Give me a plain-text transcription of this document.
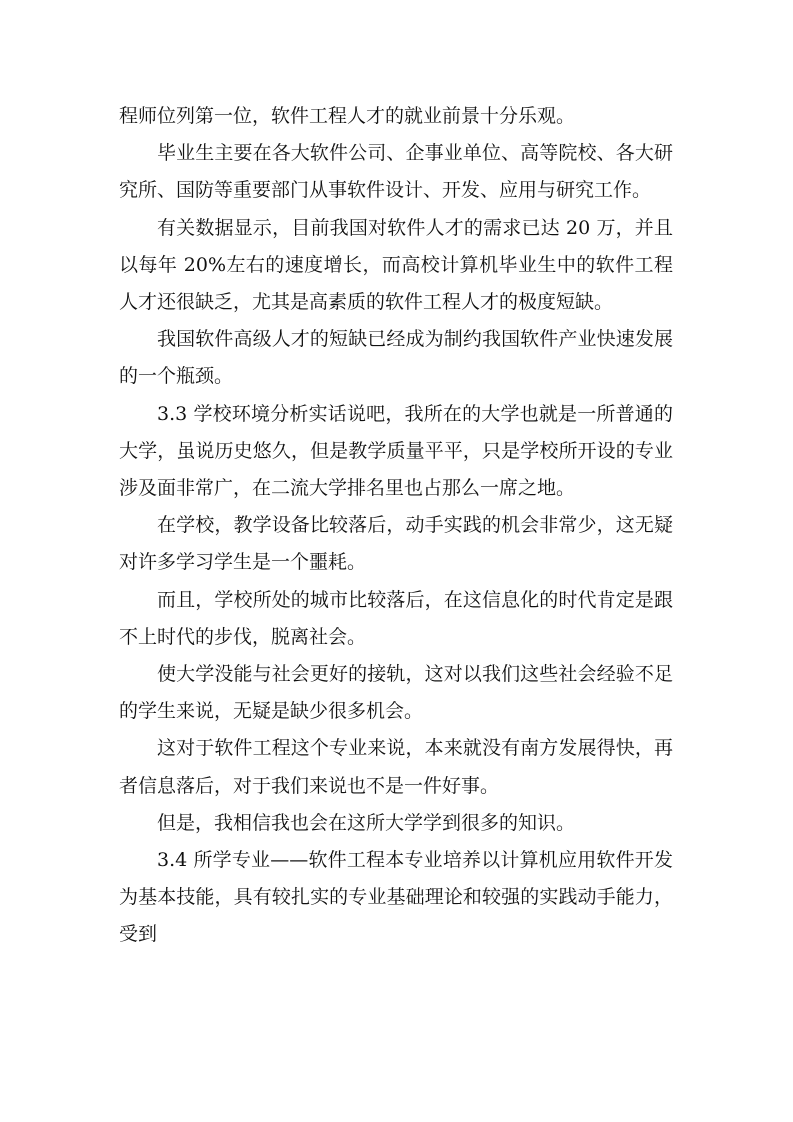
程师位列第一位，软件工程人才的就业前景十分乐观。

毕业生主要在各大软件公司、企事业单位、高等院校、各大研究所、国防等重要部门从事软件设计、开发、应用与研究工作。

有关数据显示，目前我国对软件人才的需求已达 20 万，并且以每年 20%左右的速度增长，而高校计算机毕业生中的软件工程人才还很缺乏，尤其是高素质的软件工程人才的极度短缺。

我国软件高级人才的短缺已经成为制约我国软件产业快速发展的一个瓶颈。

3.3 学校环境分析实话说吧，我所在的大学也就是一所普通的大学，虽说历史悠久，但是教学质量平平，只是学校所开设的专业涉及面非常广，在二流大学排名里也占那么一席之地。

在学校，教学设备比较落后，动手实践的机会非常少，这无疑对许多学习学生是一个噩耗。

而且，学校所处的城市比较落后，在这信息化的时代肯定是跟不上时代的步伐，脱离社会。

使大学没能与社会更好的接轨，这对以我们这些社会经验不足的学生来说，无疑是缺少很多机会。

这对于软件工程这个专业来说，本来就没有南方发展得快，再者信息落后，对于我们来说也不是一件好事。

但是，我相信我也会在这所大学学到很多的知识。

3.4 所学专业——软件工程本专业培养以计算机应用软件开发为基本技能，具有较扎实的专业基础理论和较强的实践动手能力，受到
